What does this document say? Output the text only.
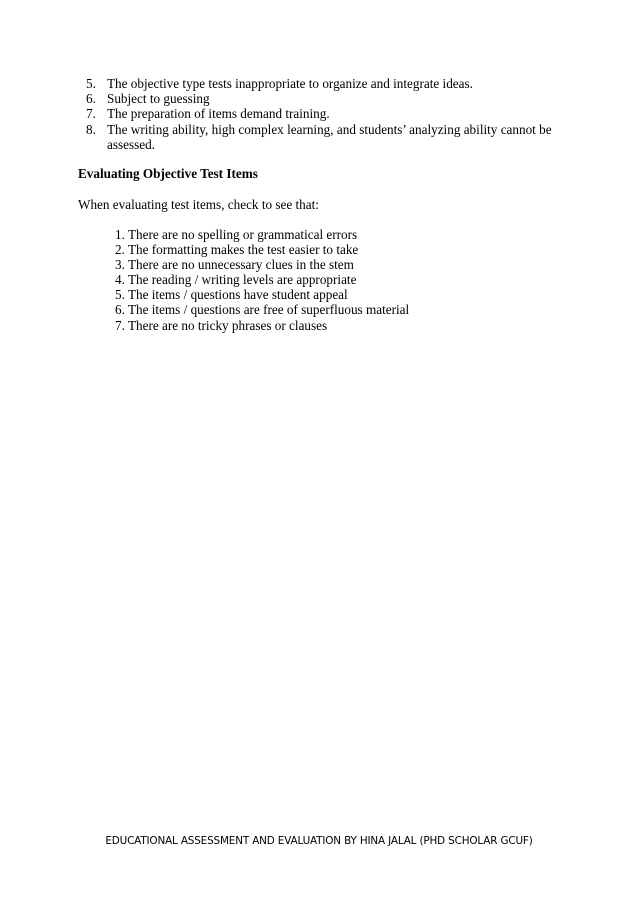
5. The objective type tests inappropriate to organize and integrate ideas.
6. Subject to guessing
7. The preparation of items demand training.
8. The writing ability, high complex learning, and students’ analyzing ability cannot be assessed.
Evaluating Objective Test Items

When evaluating test items, check to see that:

1. There are no spelling or grammatical errors
2. The formatting makes the test easier to take
3. There are no unnecessary clues in the stem
4. The reading / writing levels are appropriate
5. The items / questions have student appeal
6. The items / questions are free of superfluous material
7. There are no tricky phrases or clauses
EDUCATIONAL ASSESSMENT AND EVALUATION BY HINA JALAL (PHD SCHOLAR GCUF)
